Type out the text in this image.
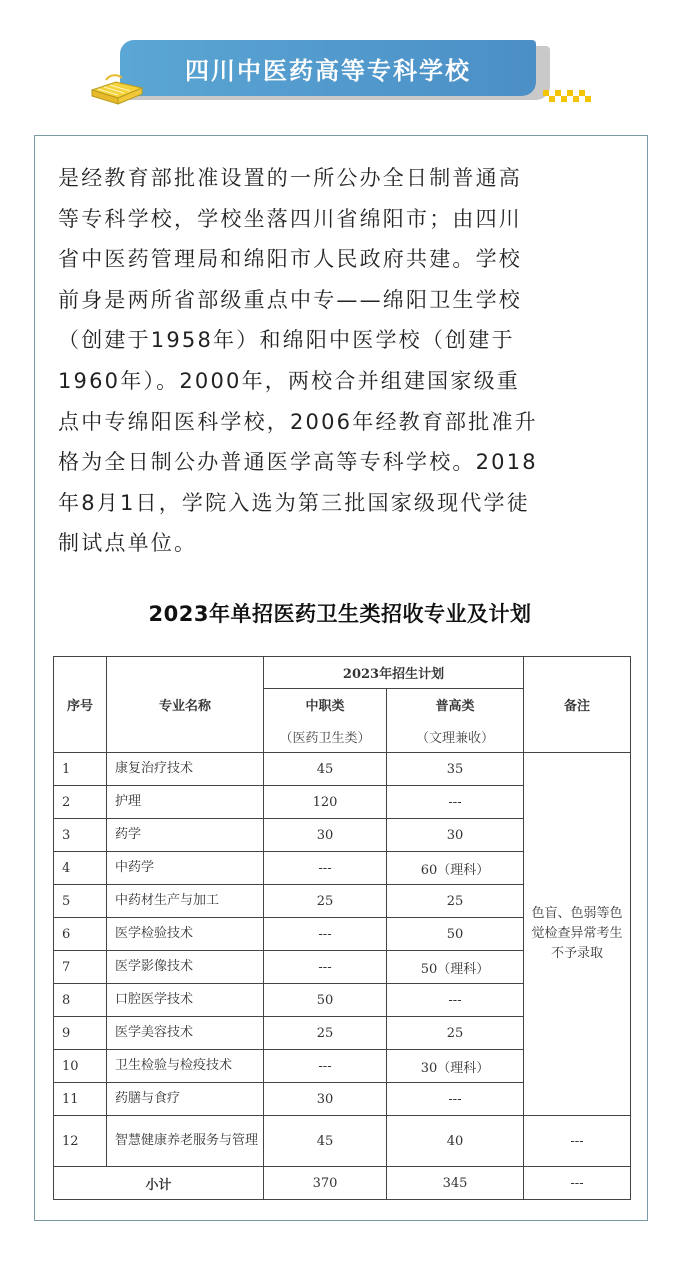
四川中医药高等专科学校
是经教育部批准设置的一所公办全日制普通高
等专科学校，学校坐落四川省绵阳市；由四川
省中医药管理局和绵阳市人民政府共建。学校
前身是两所省部级重点中专——绵阳卫生学校
（创建于1958年）和绵阳中医学校（创建于
1960年）。2000年，两校合并组建国家级重
点中专绵阳医科学校，2006年经教育部批准升
格为全日制公办普通医学高等专科学校。2018
年8月1日，学院入选为第三批国家级现代学徒
制试点单位。
2023年单招医药卫生类招收专业及计划
序号	专业名称	2023年招生计划		备注
		中职类	普高类	
		（医药卫生类）	（文理兼收）	
1	康复治疗技术	45	35	色盲、色弱等色觉检查异常考生不予录取
2	护理	120	---	
3	药学	30	30	
4	中药学	---	60（理科）	
5	中药材生产与加工	25	25	
6	医学检验技术	---	50	
7	医学影像技术	---	50（理科）	
8	口腔医学技术	50	---	
9	医学美容技术	25	25	
10	卫生检验与检疫技术	---	30（理科）	
11	药膳与食疗	30	---	
12	智慧健康养老服务与管理	45	40	---
小计		370	345	---
